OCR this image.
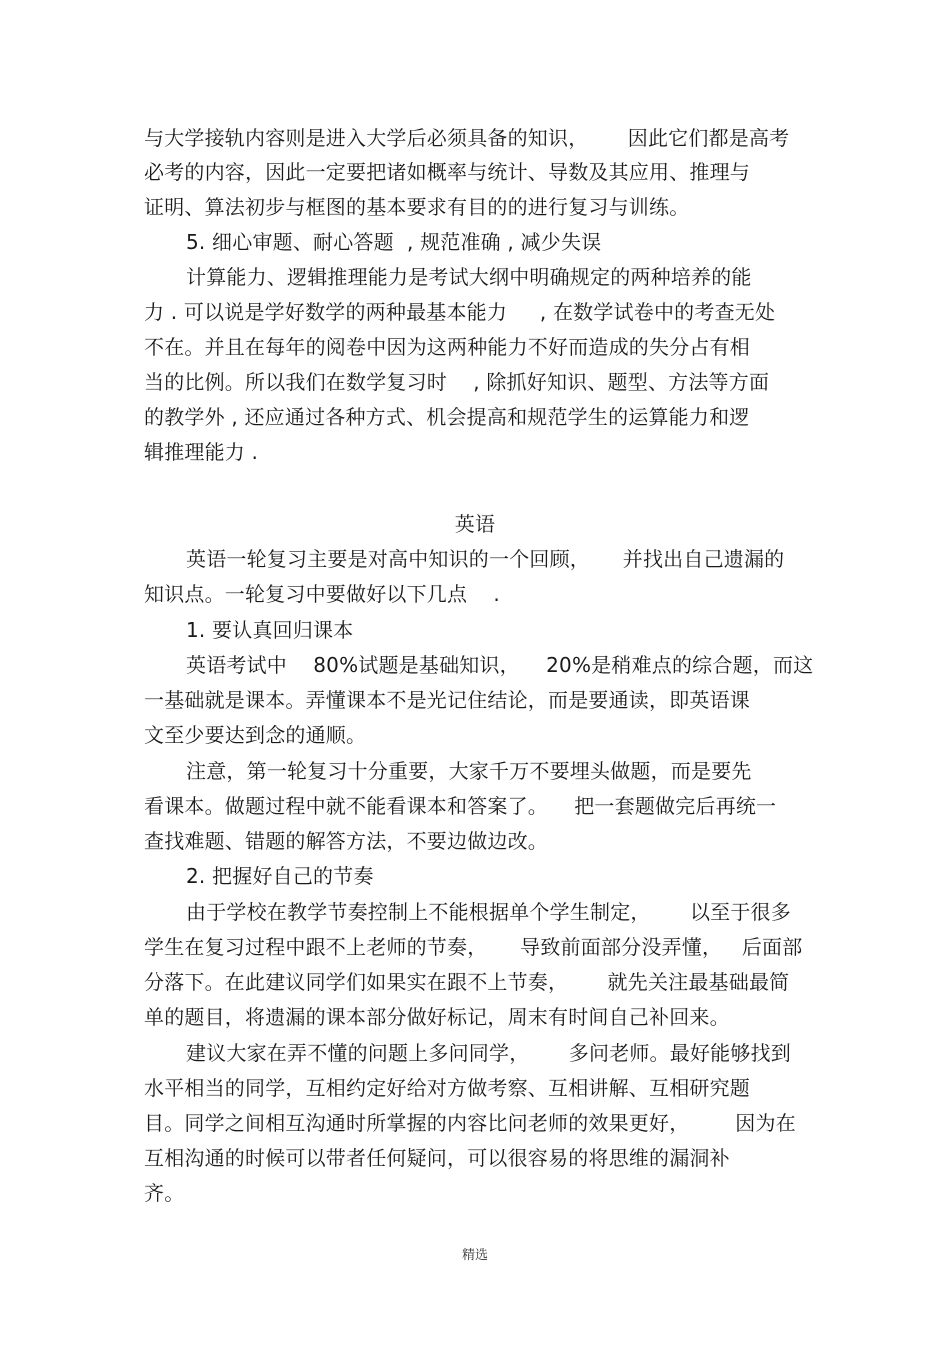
与大学接轨内容则是进入大学后必须具备的知识，      因此它们都是高考
必考的内容，因此一定要把诸如概率与统计、导数及其应用、推理与
证明、算法初步与框图的基本要求有目的的进行复习与训练。
5. 细心审题、耐心答题  , 规范准确 , 减少失误
计算能力、逻辑推理能力是考试大纲中明确规定的两种培养的能
力 . 可以说是学好数学的两种最基本能力     , 在数学试卷中的考查无处
不在。并且在每年的阅卷中因为这两种能力不好而造成的失分占有相
当的比例。所以我们在数学复习时    , 除抓好知识、题型、方法等方面
的教学外 , 还应通过各种方式、机会提高和规范学生的运算能力和逻
辑推理能力 .
英语
英语一轮复习主要是对高中知识的一个回顾，     并找出自己遗漏的
知识点。一轮复习中要做好以下几点    .
1. 要认真回归课本
英语考试中    80%试题是基础知识，    20%是稍难点的综合题，而这
一基础就是课本。弄懂课本不是光记住结论，而是要通读，即英语课
文至少要达到念的通顺。
注意，第一轮复习十分重要，大家千万不要埋头做题，而是要先
看课本。做题过程中就不能看课本和答案了。    把一套题做完后再统一
查找难题、错题的解答方法，不要边做边改。
2. 把握好自己的节奏
由于学校在教学节奏控制上不能根据单个学生制定，      以至于很多
学生在复习过程中跟不上老师的节奏，     导致前面部分没弄懂，   后面部
分落下。在此建议同学们如果实在跟不上节奏，      就先关注最基础最简
单的题目，将遗漏的课本部分做好标记，周末有时间自己补回来。
建议大家在弄不懂的问题上多问同学，      多问老师。最好能够找到
水平相当的同学，互相约定好给对方做考察、互相讲解、互相研究题
目。同学之间相互沟通时所掌握的内容比问老师的效果更好，       因为在
互相沟通的时候可以带者任何疑问，可以很容易的将思维的漏洞补
齐。
精选
